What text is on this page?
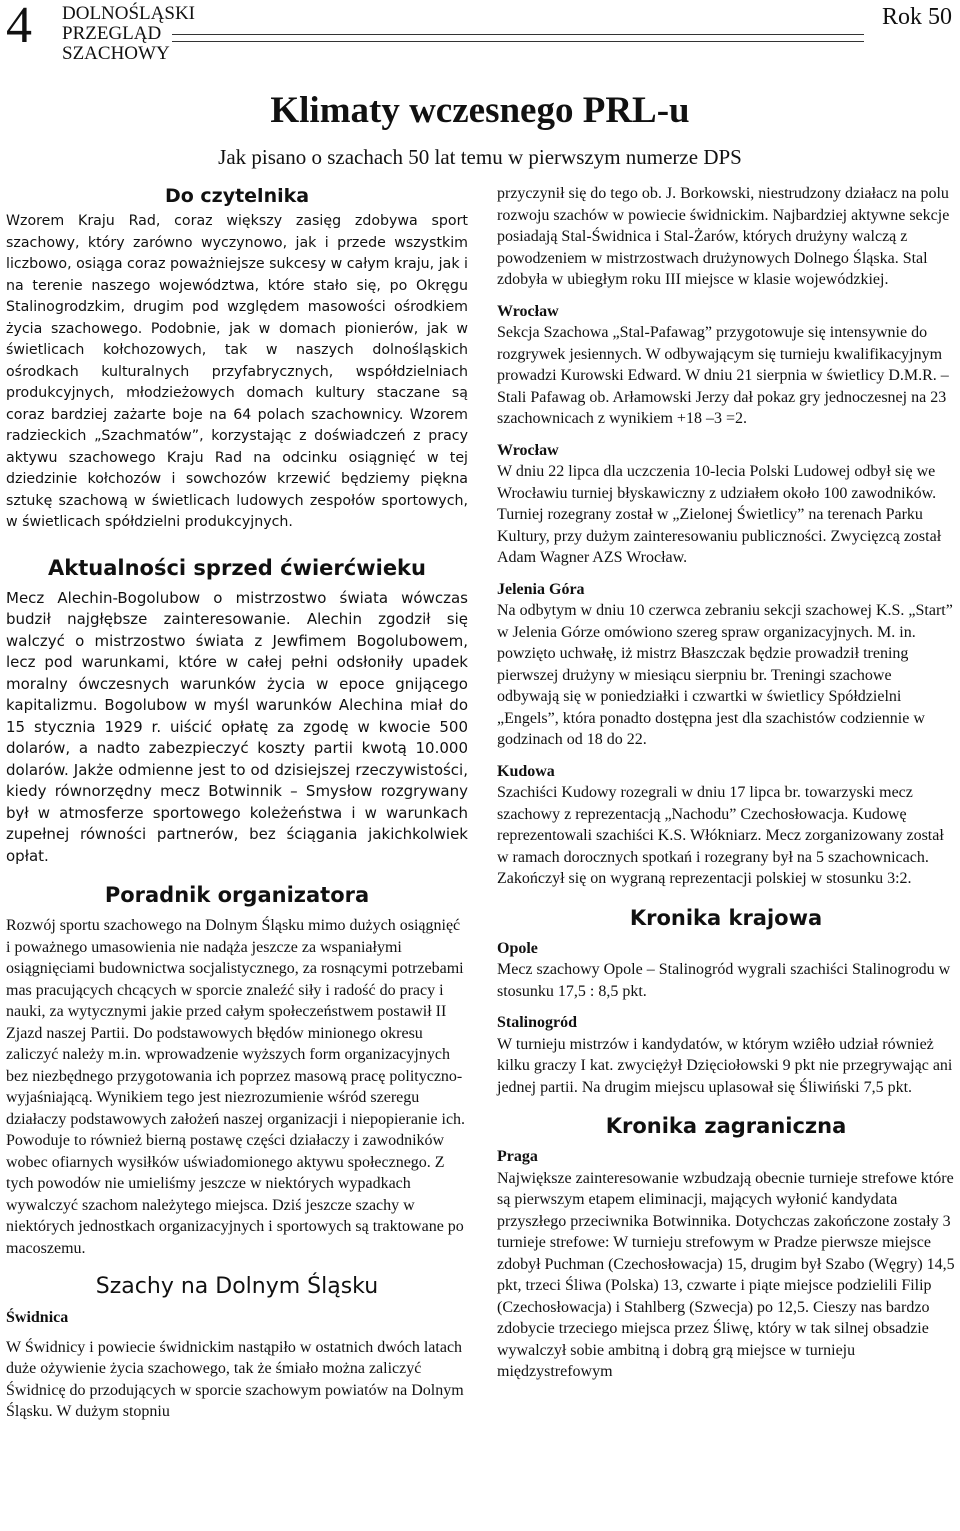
4 DOLNOŚLĄSKI
PRZEGLĄD
SZACHOWY
Rok 50
Klimaty wczesnego PRL-u
Jak pisano o szachach 50 lat temu w pierwszym numerze DPS
Do czytelnika

Wzorem Kraju Rad, coraz większy zasięg zdobywa sport szachowy, który zarówno wyczynowo, jak i przede wszystkim liczbowo, osiąga coraz poważniejsze sukcesy w całym kraju, jak i na terenie naszego województwa, które stało się, po Okręgu Stalinogrodzkim, drugim pod względem masowości ośrodkiem życia szachowego. Podobnie, jak w domach pionierów, jak w świetlicach kołchozowych, tak w naszych dolnośląskich ośrodkach kulturalnych przyfabrycznych, współdzielniach produkcyjnych, młodzieżowych domach kultury staczane są coraz bardziej zażarte boje na 64 polach szachownicy. Wzorem radzieckich „Szachmatów”, korzystając z doświadczeń z pracy aktywu szachowego Kraju Rad na odcinku osiągnięć w tej dziedzinie kołchozów i sowchozów krzewić będziemy piękna sztukę szachową w świetlicach ludowych zespołów sportowych, w świetlicach spółdzielni produkcyjnych.

Aktualności sprzed ćwierćwieku

Mecz Alechin-Bogolubow o mistrzostwo świata wówczas budził najgłębsze zainteresowanie. Alechin zgodził się walczyć o mistrzostwo świata z Jewfimem Bogolubowem, lecz pod warunkami, które w całej pełni odsłoniły upadek moralny ówczesnych warunków życia w epoce gnijącego kapitalizmu. Bogolubow w myśl warunków Alechina miał do 15 stycznia 1929 r. uiścić opłatę za zgodę w kwocie 500 dolarów, a nadto zabezpieczyć koszty partii kwotą 10.000 dolarów. Jakże odmienne jest to od dzisiejszej rzeczywistości, kiedy równorzędny mecz Botwinnik – Smysłow rozgrywany był w atmosferze sportowego koleżeństwa i w warunkach zupełnej równości partnerów, bez ściągania jakichkolwiek opłat.

Poradnik organizatora

Rozwój sportu szachowego na Dolnym Śląsku mimo dużych osiągnięć i poważnego umasowienia nie nadąża jeszcze za wspaniałymi osiągnięciami budownictwa socjalistycznego, za rosnącymi potrzebami mas pracujących chcących w sporcie znaleźć siły i radość do pracy i nauki, za wytycznymi jakie przed całym społeczeństwem postawił II Zjazd naszej Partii. Do podstawowych błędów minionego okresu zaliczyć należy m.in. wprowadzenie wyższych form organizacyjnych bez niezbędnego przygotowania ich poprzez masową pracę polityczno-wyjaśniającą. Wynikiem tego jest niezrozumienie wśród szeregu działaczy podstawowych założeń naszej organizacji i niepopieranie ich. Powoduje to również bierną postawę części działaczy i zawodników wobec ofiarnych wysiłków uświadomionego aktywu społecznego. Z tych powodów nie umieliśmy jeszcze w niektórych wypadkach wywalczyć szachom należytego miejsca. Dziś jeszcze szachy w niektórych jednostkach organizacyjnych i sportowych są traktowane po macoszemu.

Szachy na Dolnym Śląsku
Świdnica

W Świdnicy i powiecie świdnickim nastąpiło w ostatnich dwóch latach duże ożywienie życia szachowego, tak że śmiało można zaliczyć Świdnicę do przodujących w sporcie szachowym powiatów na Dolnym Śląsku. W dużym stopniu

przyczynił się do tego ob. J. Borkowski, niestrudzony działacz na polu rozwoju szachów w powiecie świdnickim. Najbardziej aktywne sekcje posiadają Stal-Świdnica i Stal-Żarów, których drużyny walczą z powodzeniem w mistrzostwach drużynowych Dolnego Śląska. Stal zdobyła w ubiegłym roku III miejsce w klasie wojewódzkiej.

Wrocław

Sekcja Szachowa „Stal-Pafawag” przygotowuje się intensywnie do rozgrywek jesiennych. W odbywającym się turnieju kwalifikacyjnym prowadzi Kurowski Edward. W dniu 21 sierpnia w świetlicy D.M.R. – Stali Pafawag ob. Arłamowski Jerzy dał pokaz gry jednoczesnej na 23 szachownicach z wynikiem +18 –3 =2.

Wrocław

W dniu 22 lipca dla uczczenia 10-lecia Polski Ludowej odbył się we Wrocławiu turniej błyskawiczny z udziałem około 100 zawodników. Turniej rozegrany został w „Zielonej Świetlicy” na terenach Parku Kultury, przy dużym zainteresowaniu publiczności. Zwycięzcą został Adam Wagner AZS Wrocław.

Jelenia Góra

Na odbytym w dniu 10 czerwca zebraniu sekcji szachowej K.S. „Start” w Jelenia Górze omówiono szereg spraw organizacyjnych. M. in. powzięto uchwałę, iż mistrz Błaszczak będzie prowadził trening pierwszej drużyny w miesiącu sierpniu br. Treningi szachowe odbywają się w poniedziałki i czwartki w świetlicy Spółdzielni „Engels”, która ponadto dostępna jest dla szachistów codziennie w godzinach od 18 do 22.

Kudowa

Szachiści Kudowy rozegrali w dniu 17 lipca br. towarzyski mecz szachowy z reprezentacją „Nachodu” Czechosłowacja. Kudowę reprezentowali szachiści K.S. Włókniarz. Mecz zorganizowany został w ramach dorocznych spotkań i rozegrany był na 5 szachownicach. Zakończył się on wygraną reprezentacji polskiej w stosunku 3:2.

Kronika krajowa
Opole

Mecz szachowy Opole – Stalinogród wygrali szachiści Stalinogrodu w stosunku 17,5 : 8,5 pkt.

Stalinogród

W turnieju mistrzów i kandydatów, w którym wziêło udział również kilku graczy I kat. zwyciężył Dzięciołowski 9 pkt nie przegrywając ani jednej partii. Na drugim miejscu uplasował się Śliwiński 7,5 pkt.

Kronika zagraniczna
Praga

Największe zainteresowanie wzbudzają obecnie turnieje strefowe które są pierwszym etapem eliminacji, mających wyłonić kandydata przyszłego przeciwnika Botwinnika. Dotychczas zakończone zostały 3 turnieje strefowe: W turnieju strefowym w Pradze pierwsze miejsce zdobył Puchman (Czechosłowacja) 15, drugim był Szabo (Węgry) 14,5 pkt, trzeci Śliwa (Polska) 13, czwarte i piąte miejsce podzielili Filip (Czechosłowacja) i Stahlberg (Szwecja) po 12,5. Cieszy nas bardzo zdobycie trzeciego miejsca przez Śliwę, który w tak silnej obsadzie wywalczył sobie ambitną i dobrą grą miejsce w turnieju międzystrefowym
